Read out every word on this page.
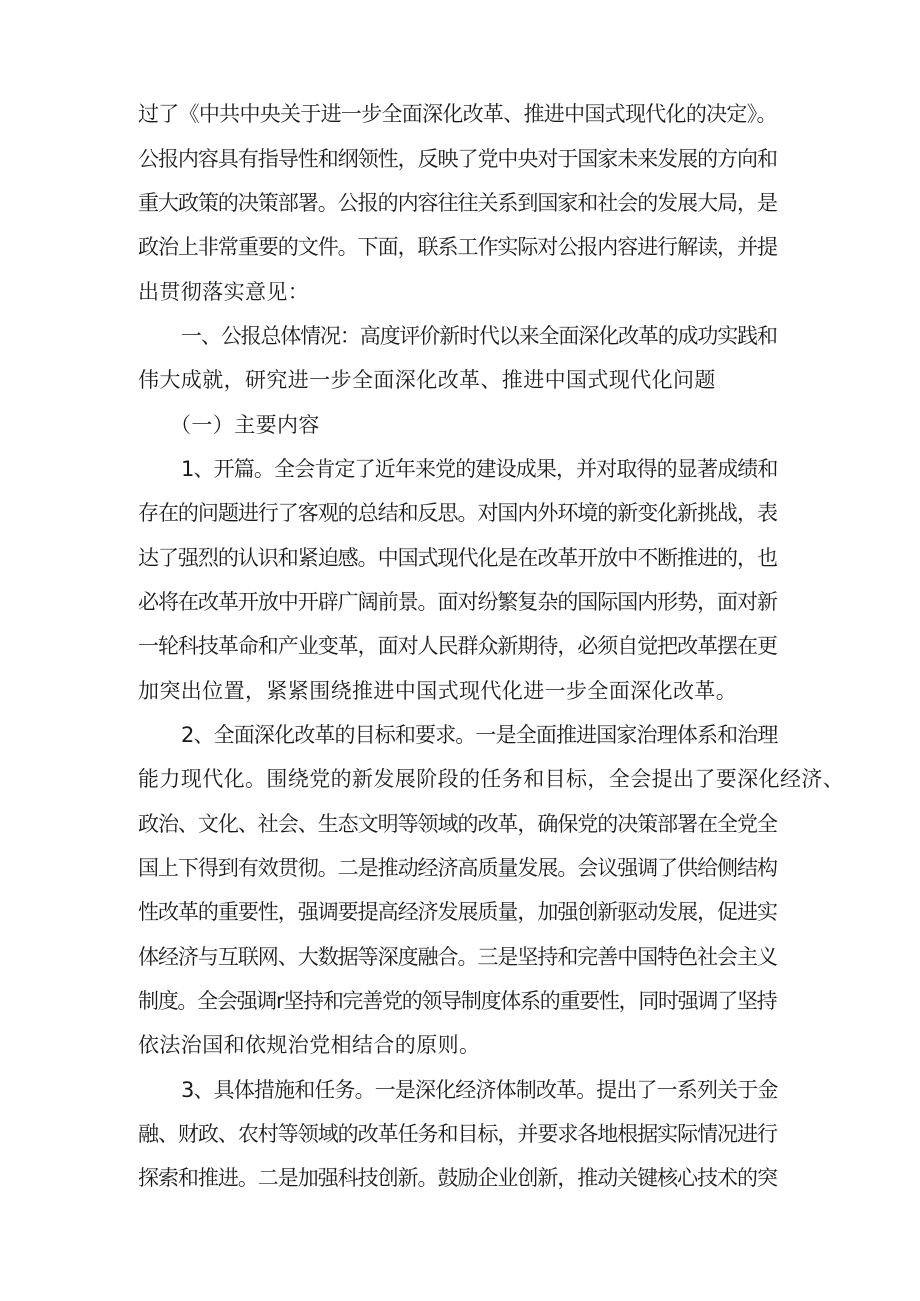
过了《中共中央关于进一步全面深化改革、推进中国式现代化的决定》。
公报内容具有指导性和纲领性，反映了党中央对于国家未来发展的方向和
重大政策的决策部署。公报的内容往往关系到国家和社会的发展大局，是
政治上非常重要的文件。下面，联系工作实际对公报内容进行解读，并提
出贯彻落实意见：
一、公报总体情况：高度评价新时代以来全面深化改革的成功实践和
伟大成就，研究进一步全面深化改革、推进中国式现代化问题
（一）主要内容
1、开篇。全会肯定了近年来党的建设成果，并对取得的显著成绩和
存在的问题进行了客观的总结和反思。对国内外环境的新变化新挑战，表
达了强烈的认识和紧迫感。中国式现代化是在改革开放中不断推进的，也
必将在改革开放中开辟广阔前景。面对纷繁复杂的国际国内形势，面对新
一轮科技革命和产业变革，面对人民群众新期待，必须自觉把改革摆在更
加突出位置，紧紧围绕推进中国式现代化进一步全面深化改革。
2、全面深化改革的目标和要求。一是全面推进国家治理体系和治理
能力现代化。围绕党的新发展阶段的任务和目标，全会提出了要深化经济、
政治、文化、社会、生态文明等领域的改革，确保党的决策部署在全党全
国上下得到有效贯彻。二是推动经济高质量发展。会议强调了供给侧结构
性改革的重要性，强调要提高经济发展质量，加强创新驱动发展，促进实
体经济与互联网、大数据等深度融合。三是坚持和完善中国特色社会主义
制度。全会强调r坚持和完善党的领导制度体系的重要性，同时强调了坚持
依法治国和依规治党相结合的原则。
3、具体措施和任务。一是深化经济体制改革。提出了一系列关于金
融、财政、农村等领域的改革任务和目标，并要求各地根据实际情况进行
探索和推进。二是加强科技创新。鼓励企业创新，推动关键核心技术的突
